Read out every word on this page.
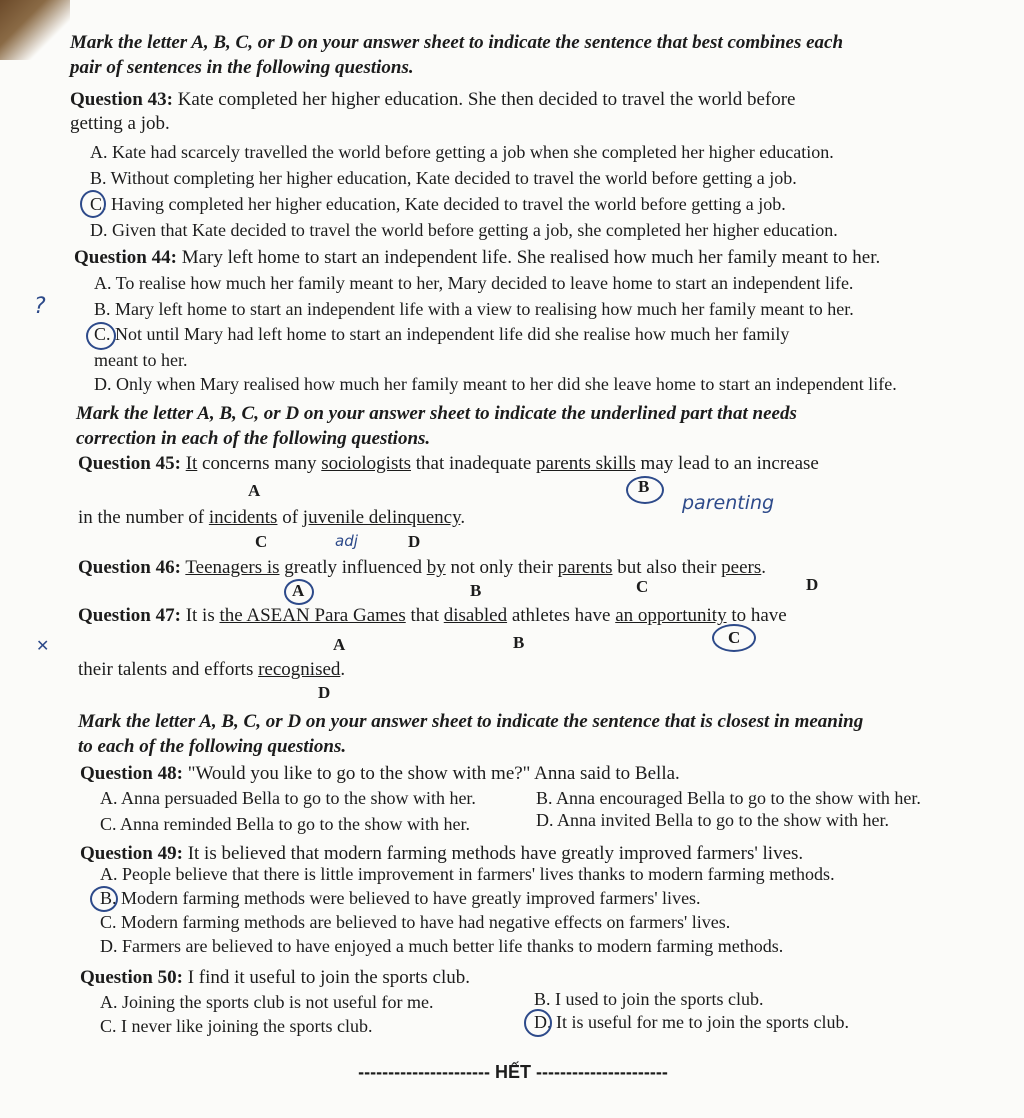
Mark the letter A, B, C, or D on your answer sheet to indicate the sentence that best combines each

pair of sentences in the following questions.

Question 43: Kate completed her higher education. She then decided to travel the world before

getting a job.

A. Kate had scarcely travelled the world before getting a job when she completed her higher education.
B. Without completing her higher education, Kate decided to travel the world before getting a job.
C. Having completed her higher education, Kate decided to travel the world before getting a job.
D. Given that Kate decided to travel the world before getting a job, she completed her higher education.

Question 44: Mary left home to start an independent life. She realised how much her family meant to her.

A. To realise how much her family meant to her, Mary decided to leave home to start an independent life.
B. Mary left home to start an independent life with a view to realising how much her family meant to her.
C. Not until Mary had left home to start an independent life did she realise how much her family
meant to her.
D. Only when Mary realised how much her family meant to her did she leave home to start an independent life.
?

Mark the letter A, B, C, or D on your answer sheet to indicate the underlined part that needs

correction in each of the following questions.

Question 45: It concerns many sociologists that inadequate parents skills may lead to an increase

A	B
parenting

in the number of incidents of juvenile delinquency.

C	adj	D

Question 46: Teenagers is greatly influenced by not only their parents but also their peers.

A	B	C	D

Question 47: It is the ASEAN Para Games that disabled athletes have an opportunity to have

✕	A	B	C

their talents and efforts recognised.

D

Mark the letter A, B, C, or D on your answer sheet to indicate the sentence that is closest in meaning

to each of the following questions.

Question 48: "Would you like to go to the show with me?" Anna said to Bella.

A. Anna persuaded Bella to go to the show with her.	B. Anna encouraged Bella to go to the show with her.
C. Anna reminded Bella to go to the show with her.	D. Anna invited Bella to go to the show with her.

Question 49: It is believed that modern farming methods have greatly improved farmers' lives.

A. People believe that there is little improvement in farmers' lives thanks to modern farming methods.
B. Modern farming methods were believed to have greatly improved farmers' lives.
C. Modern farming methods are believed to have had negative effects on farmers' lives.
D. Farmers are believed to have enjoyed a much better life thanks to modern farming methods.

Question 50: I find it useful to join the sports club.

A. Joining the sports club is not useful for me.	B. I used to join the sports club.
C. I never like joining the sports club.	D. It is useful for me to join the sports club.
---------------------- HẾT ----------------------
